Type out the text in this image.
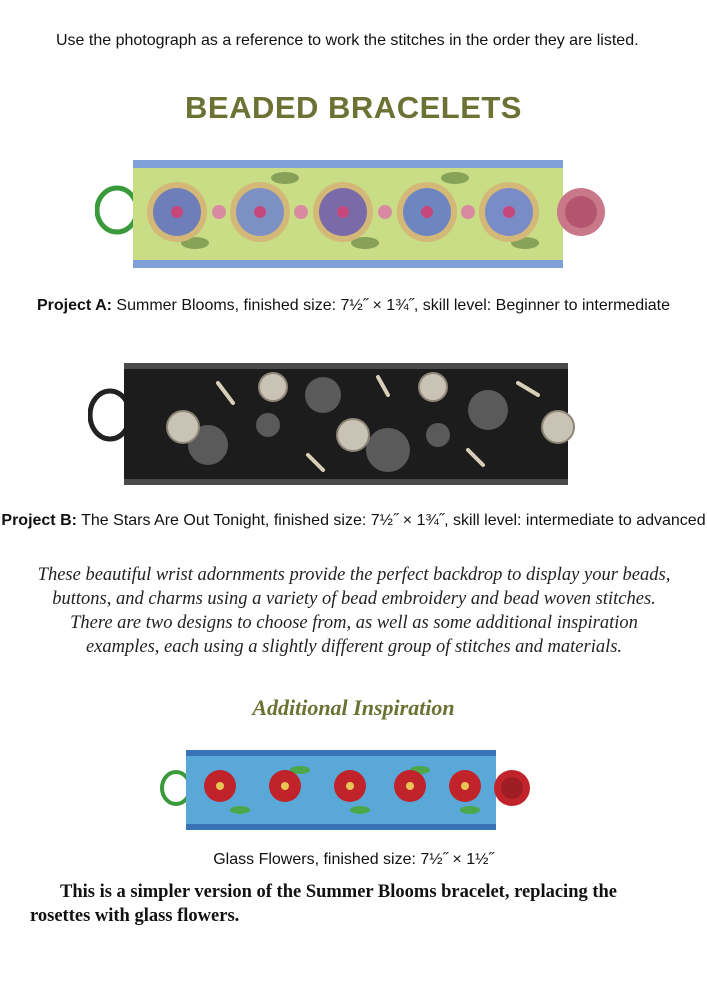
Use the photograph as a reference to work the stitches in the order they are listed.
BEADED BRACELETS
Project A: Summer Blooms, finished size: 7½˝ × 1¾˝, skill level: Beginner to intermediate
Project B: The Stars Are Out Tonight, finished size: 7½˝ × 1¾˝, skill level: intermediate to advanced
These beautiful wrist adornments provide the perfect backdrop to display your beads, buttons, and charms using a variety of bead embroidery and bead woven stitches. There are two designs to choose from, as well as some additional inspiration examples, each using a slightly different group of stitches and materials.
Additional Inspiration
Glass Flowers, finished size: 7½˝ × 1½˝
This is a simpler version of the Summer Blooms bracelet, replacing the rosettes with glass flowers.
